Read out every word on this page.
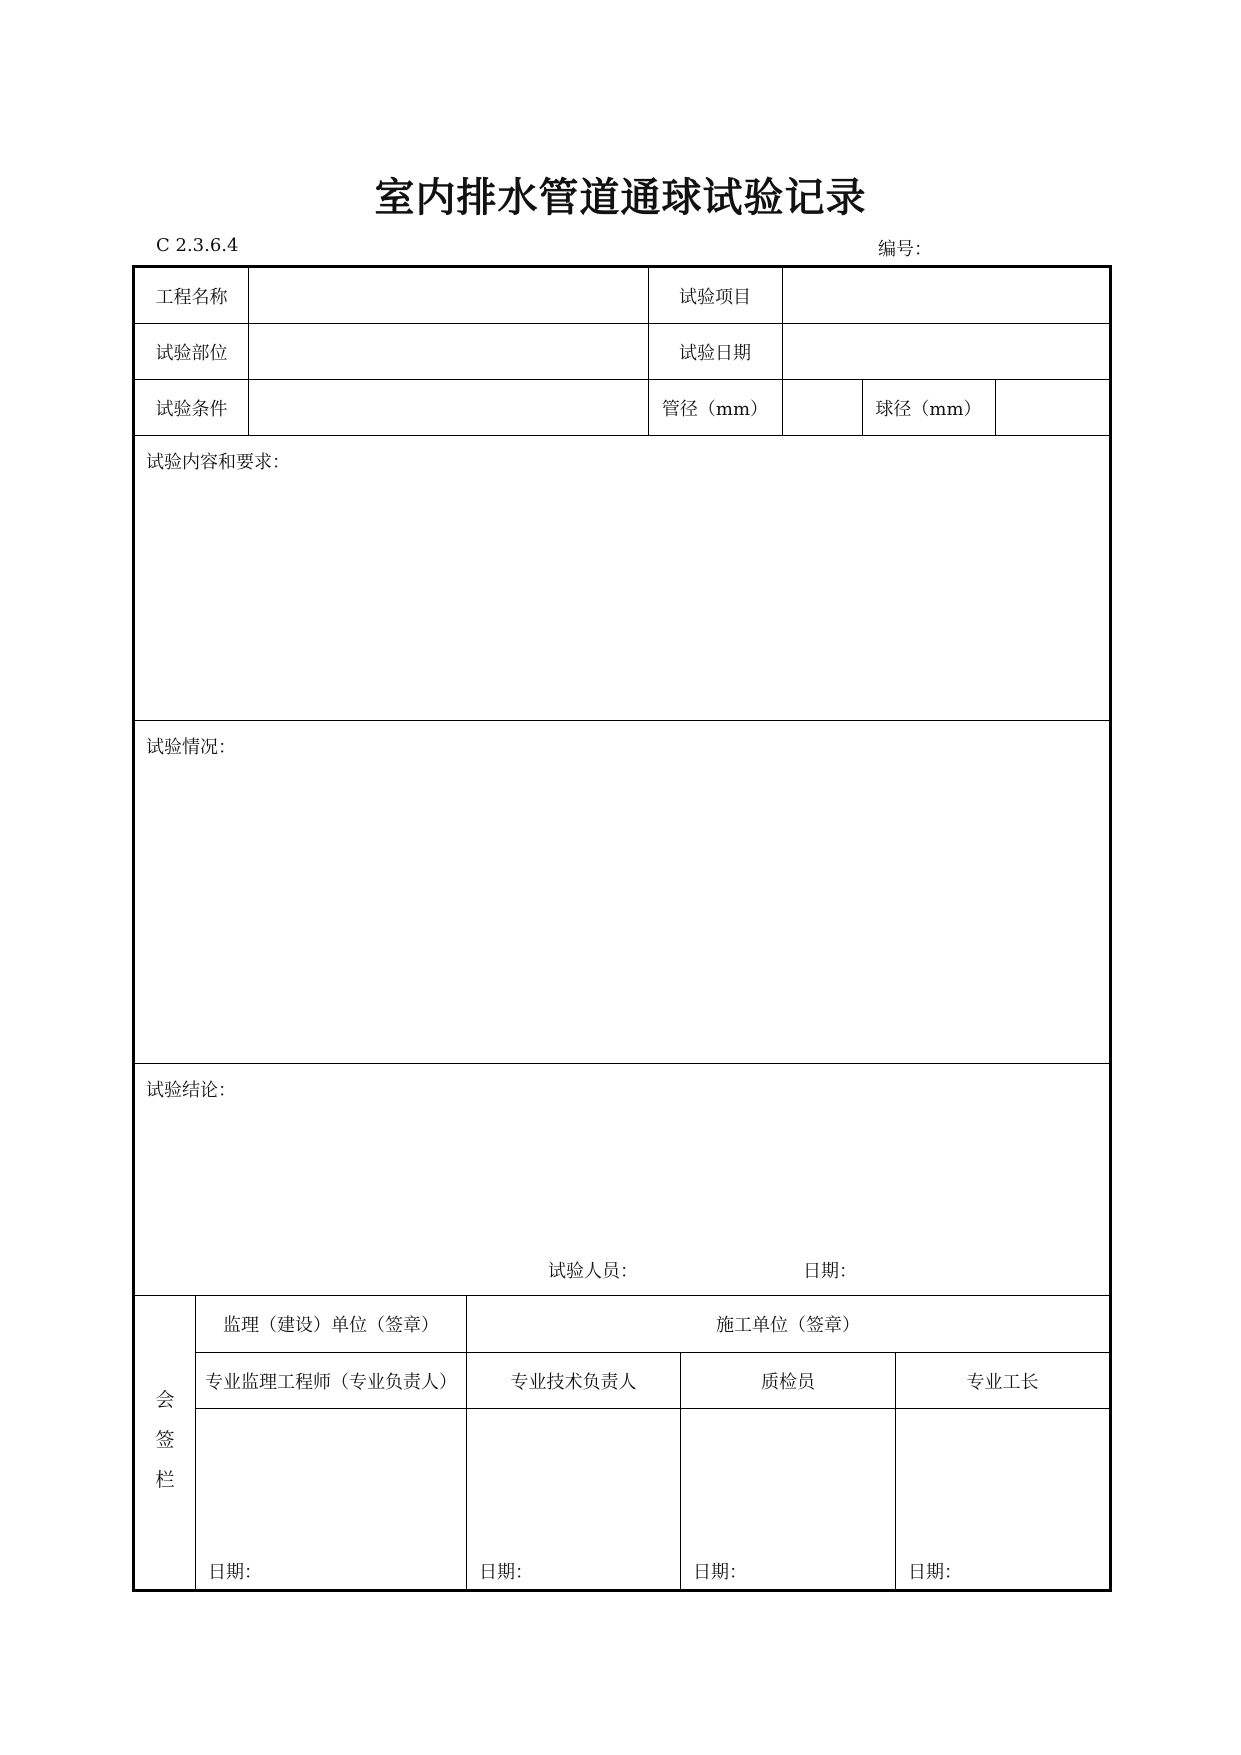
室内排水管道通球试验记录
C 2.3.6.4	编号：
工程名称	试验项目
试验部位	试验日期
试验条件	管径（mm）	球径（mm）
试验内容和要求：
试验情况：
试验结论：
试验人员：	日期：
会
签
栏
监理（建设）单位（签章）	施工单位（签章）
专业监理工程师（专业负责人）	专业技术负责人	质检员	专业工长
日期：	日期：	日期：	日期：
